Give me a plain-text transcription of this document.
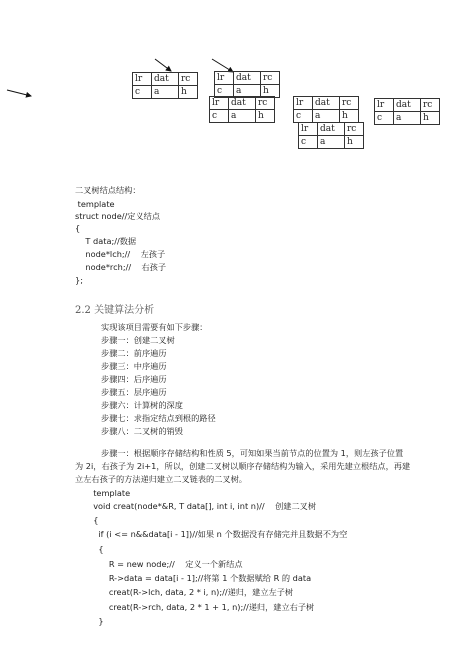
lr	dat	rc
c	a	h
lr	dat	rc
c	a	h
lr	dat	rc
c	a	h
lr	dat	rc
c	a	h
lr	dat	rc
c	a	h
lr	dat	rc
c	a	h
二叉树结点结构：
template
struct node//定义结点
{
T data;//数据
node*lch;//    左孩子
node*rch;//    右孩子
};
2.2 关键算法分析
实现该项目需要有如下步骤：
步骤一：创建二叉树
步骤二：前序遍历
步骤三：中序遍历
步骤四：后序遍历
步骤五：层序遍历
步骤六：计算树的深度
步骤七：求指定结点到根的路径
步骤八：二叉树的销毁
步骤一：根据顺序存储结构和性质 5，可知如果当前节点的位置为 1，则左孩子位置
为 2i，右孩子为 2i+1，所以，创建二叉树以顺序存储结构为输入，采用先建立根结点，再建
立左右孩子的方法递归建立二叉链表的二叉树。
template
void creat(node*&R, T data[], int i, int n)//    创建二叉树
{
if (i <= n&&data[i - 1])//如果 n 个数据没有存储完并且数据不为空
{
R = new node;//    定义一个新结点
R->data = data[i - 1];//将第 1 个数据赋给 R 的 data
creat(R->lch, data, 2 * i, n);//递归，建立左子树
creat(R->rch, data, 2 * 1 + 1, n);//递归，建立右子树
}
